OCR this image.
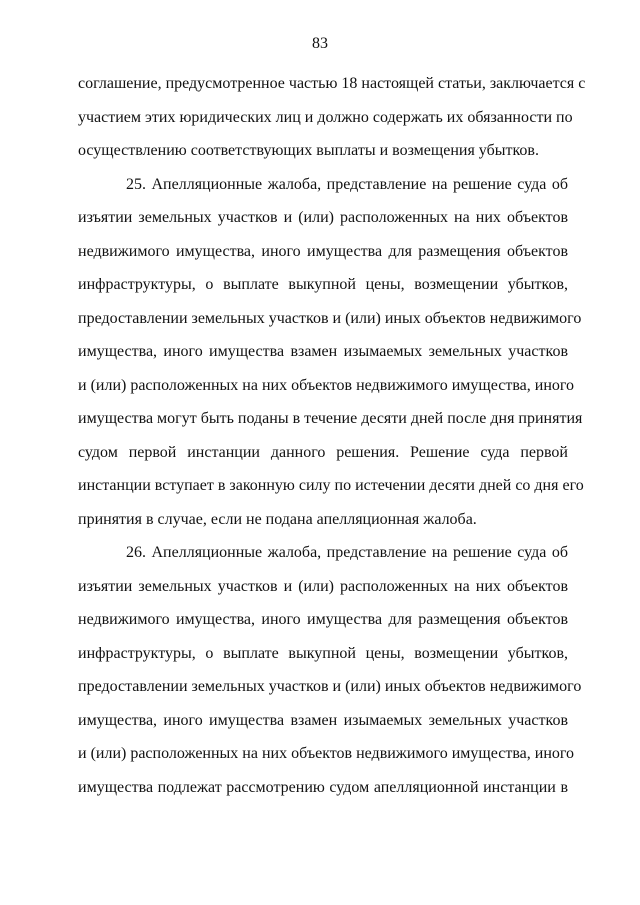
83
соглашение, предусмотренное частью 18 настоящей статьи, заключается с
участием этих юридических лиц и должно содержать их обязанности по
осуществлению соответствующих выплаты и возмещения убытков.
25. Апелляционные жалоба, представление на решение суда об
изъятии земельных участков и (или) расположенных на них объектов
недвижимого имущества, иного имущества для размещения объектов
инфраструктуры, о выплате выкупной цены, возмещении убытков,
предоставлении земельных участков и (или) иных объектов недвижимого
имущества, иного имущества взамен изымаемых земельных участков
и (или) расположенных на них объектов недвижимого имущества, иного
имущества могут быть поданы в течение десяти дней после дня принятия
судом первой инстанции данного решения. Решение суда первой
инстанции вступает в законную силу по истечении десяти дней со дня его
принятия в случае, если не подана апелляционная жалоба.
26. Апелляционные жалоба, представление на решение суда об
изъятии земельных участков и (или) расположенных на них объектов
недвижимого имущества, иного имущества для размещения объектов
инфраструктуры, о выплате выкупной цены, возмещении убытков,
предоставлении земельных участков и (или) иных объектов недвижимого
имущества, иного имущества взамен изымаемых земельных участков
и (или) расположенных на них объектов недвижимого имущества, иного
имущества подлежат рассмотрению судом апелляционной инстанции в
